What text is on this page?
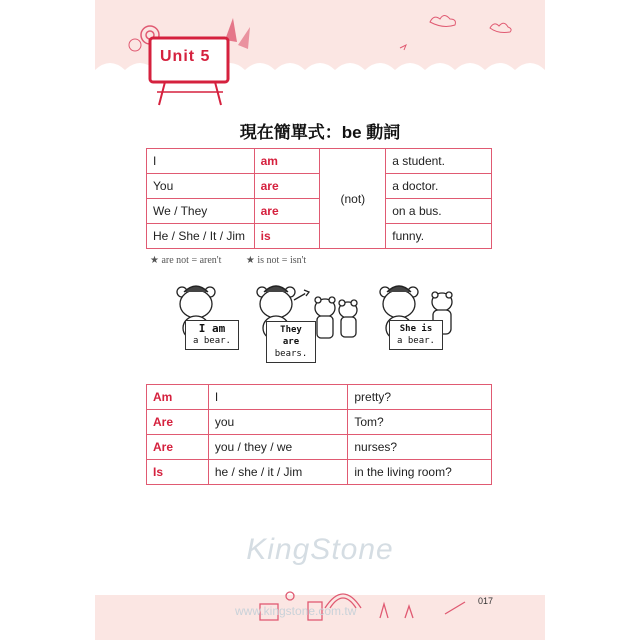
Unit 5
現在簡單式：be 動詞
I	am	(not)	a student.
You	are		a doctor.
We / They	are		on a bus.
He / She / It / Jim	is		funny.
★ are not = aren't ★ is not = isn't
I am
a bear.
They are
bears.
She is
a bear.
Am	I	pretty?
Are	you	Tom?
Are	you / they / we	nurses?
Is	he / she / it / Jim	in the living room?
KingStone
www.kingstone.com.tw
017
